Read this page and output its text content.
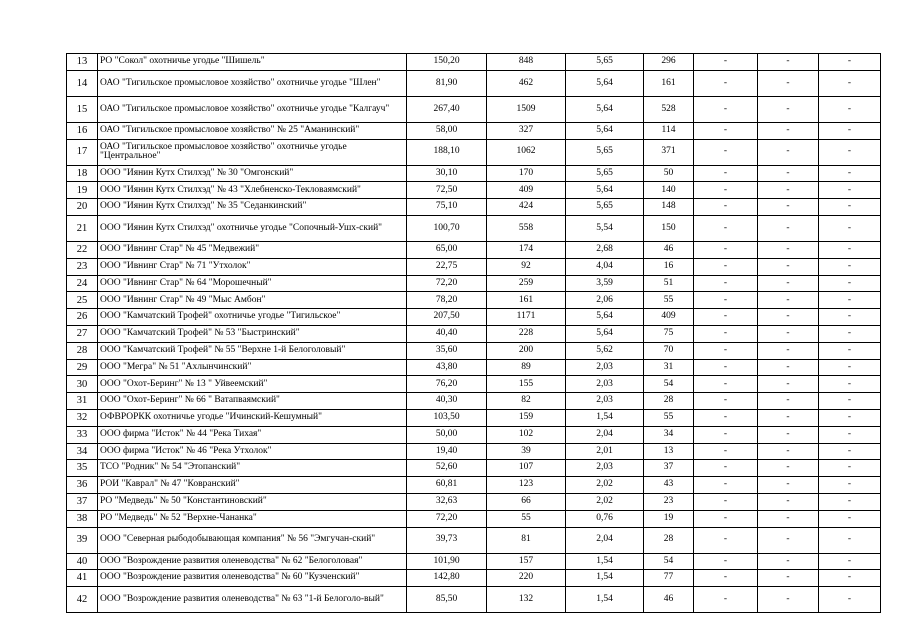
13	РО "Сокол" охотничье угодье "Шишель"	150,20	848	5,65	296	-	-	-
14	ОАО "Тигильское промысловое хозяйство" охотничье угодье "Шлен"	81,90	462	5,64	161	-	-	-
15	ОАО "Тигильское промысловое хозяйство" охотничье угодье "Калгауч"	267,40	1509	5,64	528	-	-	-
16	ОАО "Тигильское промысловое хозяйство" № 25 "Аманинский"	58,00	327	5,64	114	-	-	-
17	ОАО "Тигильское промысловое хозяйство" охотничье угодье "Центральное"	188,10	1062	5,65	371	-	-	-
18	ООО "Иянин Кутх Стилхэд" № 30 "Омгонский"	30,10	170	5,65	50	-	-	-
19	ООО "Иянин Кутх Стилхэд" № 43 "Хлебненско-Текловаямский"	72,50	409	5,64	140	-	-	-
20	ООО "Иянин Кутх Стилхэд" № 35 "Седанкинский"	75,10	424	5,65	148	-	-	-
21	ООО "Иянин Кутх Стилхэд" охотничье угодье "Сопочный-Ушх-ский"	100,70	558	5,54	150	-	-	-
22	ООО "Ивнинг Стар" № 45 "Медвежий"	65,00	174	2,68	46	-	-	-
23	ООО "Ивнинг Стар" № 71 "Утхолок"	22,75	92	4,04	16	-	-	-
24	ООО "Ивнинг Стар" № 64 "Морошечный"	72,20	259	3,59	51	-	-	-
25	ООО "Ивнинг Стар" № 49 "Мыс Амбон"	78,20	161	2,06	55	-	-	-
26	ООО "Камчатский Трофей" охотничье угодье "Тигильское"	207,50	1171	5,64	409	-	-	-
27	ООО "Камчатский Трофей" № 53 "Быстринский"	40,40	228	5,64	75	-	-	-
28	ООО "Камчатский Трофей" № 55 "Верхне 1-й Белоголовый"	35,60	200	5,62	70	-	-	-
29	ООО "Мегра" № 51 "Ахлынчинский"	43,80	89	2,03	31	-	-	-
30	ООО "Охот-Беринг" № 13 " Уйвеемский"	76,20	155	2,03	54	-	-	-
31	ООО "Охот-Беринг" № 66 " Ватапваямский"	40,30	82	2,03	28	-	-	-
32	ОФВРОРКК охотничье угодье "Ичинский-Кешумный"	103,50	159	1,54	55	-	-	-
33	ООО фирма "Исток" № 44 "Река Тихая"	50,00	102	2,04	34	-	-	-
34	ООО фирма "Исток" № 46 "Река Утхолок"	19,40	39	2,01	13	-	-	-
35	ТСО "Родник" № 54 "Этопанский"	52,60	107	2,03	37	-	-	-
36	РОИ "Каврал" № 47 "Ковранский"	60,81	123	2,02	43	-	-	-
37	РО "Медведь" № 50 "Константиновский"	32,63	66	2,02	23	-	-	-
38	РО "Медведь" № 52 "Верхне-Чананка"	72,20	55	0,76	19	-	-	-
39	ООО "Северная рыбодобывающая компания" № 56 "Эмгучан-ский"	39,73	81	2,04	28	-	-	-
40	ООО "Возрождение развития оленеводства" № 62 "Белоголовая"	101,90	157	1,54	54	-	-	-
41	ООО "Возрождение развития оленеводства" № 60 "Кузченский"	142,80	220	1,54	77	-	-	-
42	ООО "Возрождение развития оленеводства" № 63 "1-й Белоголо-вый"	85,50	132	1,54	46	-	-	-
